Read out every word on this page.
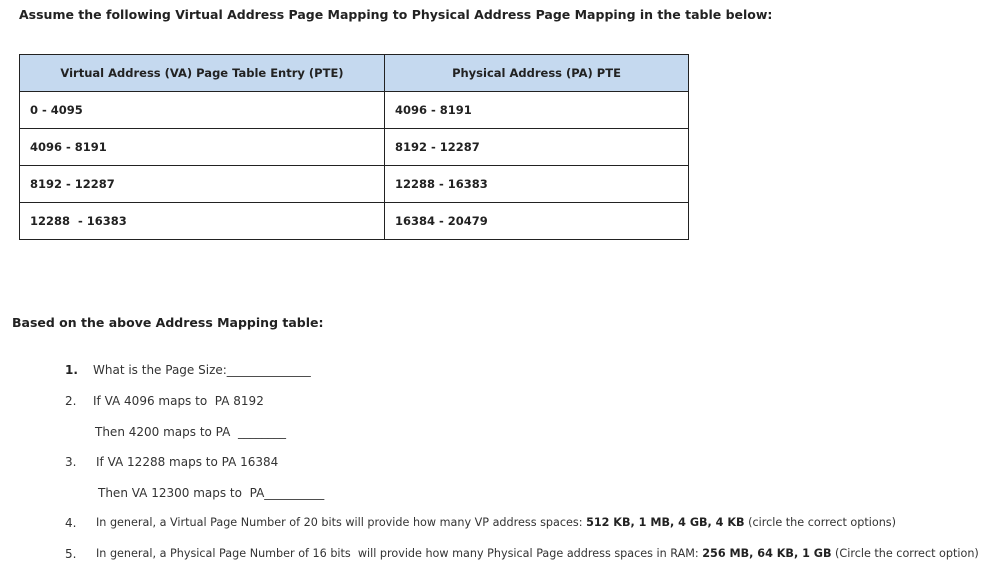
Assume the following Virtual Address Page Mapping to Physical Address Page Mapping in the table below:
Virtual Address (VA) Page Table Entry (PTE)	Physical Address (PA) PTE
0 - 4095	4096 - 8191
4096 - 8191	8192 - 12287
8192 - 12287	12288 - 16383
12288  - 16383	16384 - 20479
Based on the above Address Mapping table:
1. What is the Page Size:______________
2. If VA 4096 maps to  PA 8192
Then 4200 maps to PA  ________
3. If VA 12288 maps to PA 16384
Then VA 12300 maps to  PA__________
4. In general, a Virtual Page Number of 20 bits will provide how many VP address spaces: 512 KB, 1 MB, 4 GB, 4 KB (circle the correct options)
5. In general, a Physical Page Number of 16 bits  will provide how many Physical Page address spaces in RAM: 256 MB, 64 KB, 1 GB (Circle the correct option)
